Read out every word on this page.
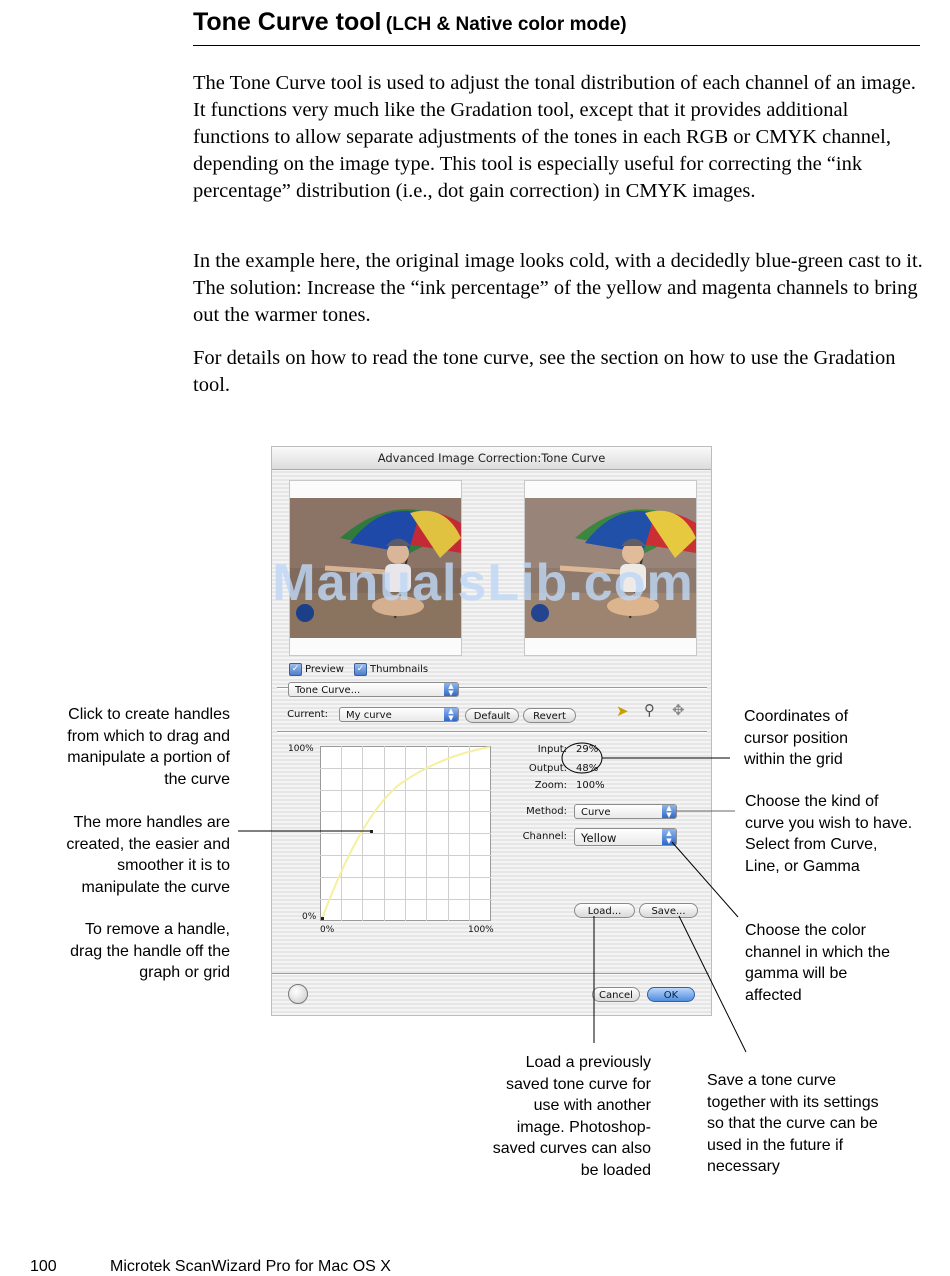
Tone Curve tool (LCH & Native color mode)

The Tone Curve tool is used to adjust the tonal distribution of each channel of an image. It functions very much like the Gradation tool, except that it provides additional functions to allow separate adjustments of the tones in each RGB or CMYK channel, depending on the image type. This tool is especially useful for correcting the “ink percentage” distribution (i.e., dot gain correction) in CMYK images.

In the example here, the original image looks cold, with a decidedly blue-green cast to it. The solution: Increase the “ink percentage” of the yellow and magenta channels to bring out the warmer tones.

For details on how to read the tone curve, see the section on how to use the Gradation tool.

Advanced Image Correction:Tone Curve
✓ Preview	✓ Thumbnails
Tone Curve...	▲
▼
Current:	My curve	▲
▼	Default	Revert	➤ ⚲ ✥
100%
0%
0%	100%
Input: 29%
Output: 48%
Zoom: 100%
Method:	Curve	▲
▼
Channel:	Yellow	▲
▼
Load...	Save...
Cancel	OK
ManualsLib.com
Click to create handles
from which to drag and
manipulate a portion of
the curve
The more handles are
created, the easier and
smoother it is to
manipulate the curve
To remove a handle,
drag the handle off the
graph or grid
Coordinates of
cursor position
within the grid
Choose the kind of
curve you wish to have.
Select from Curve,
Line, or Gamma
Choose the color
channel in which the
gamma will be
affected
Load a previously
saved tone curve for
use with another
image. Photoshop-
saved curves can also
be loaded
Save a tone curve
together with its settings
so that the curve can be
used in the future if
necessary
100	Microtek ScanWizard Pro for Mac OS X
